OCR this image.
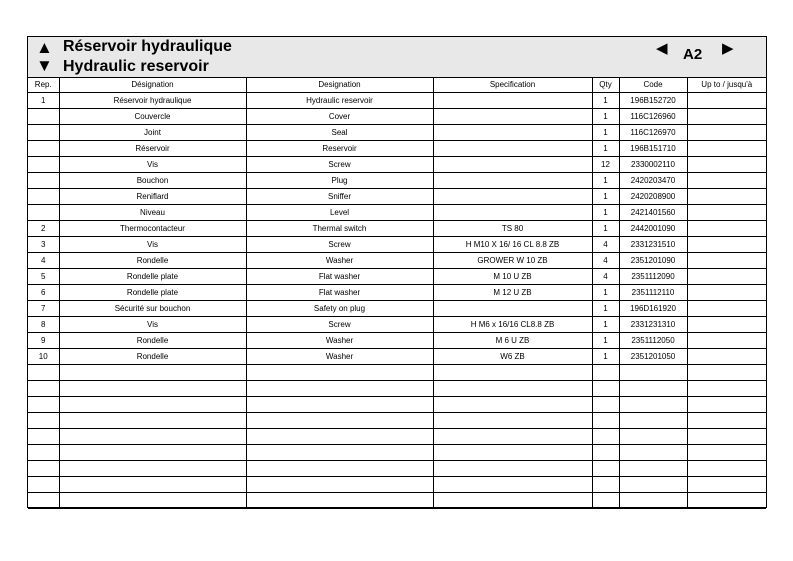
▲
▼
Réservoir hydraulique
Hydraulic reservoir
◀ A2 ▶
Rep.	Désignation	Designation	Specification	Qty	Code	Up to / jusqu'à
1	Réservoir hydraulique	Hydraulic reservoir		1	196B152720	
	Couvercle	Cover		1	116C126960	
	Joint	Seal		1	116C126970	
	Réservoir	Reservoir		1	196B151710	
	Vis	Screw		12	2330002110	
	Bouchon	Plug		1	2420203470	
	Reniflard	Sniffer		1	2420208900	
	Niveau	Level		1	2421401560	
2	Thermocontacteur	Thermal switch	TS 80	1	2442001090	
3	Vis	Screw	H M10 X 16/ 16 CL 8.8 ZB	4	2331231510	
4	Rondelle	Washer	GROWER W 10 ZB	4	2351201090	
5	Rondelle plate	Flat washer	M 10 U ZB	4	2351112090	
6	Rondelle plate	Flat washer	M 12 U ZB	1	2351112110	
7	Sécurité sur bouchon	Safety on plug		1	196D161920	
8	Vis	Screw	H M6 x 16/16 CL8.8 ZB	1	2331231310	
9	Rondelle	Washer	M 6 U ZB	1	2351112050	
10	Rondelle	Washer	W6 ZB	1	2351201050	
